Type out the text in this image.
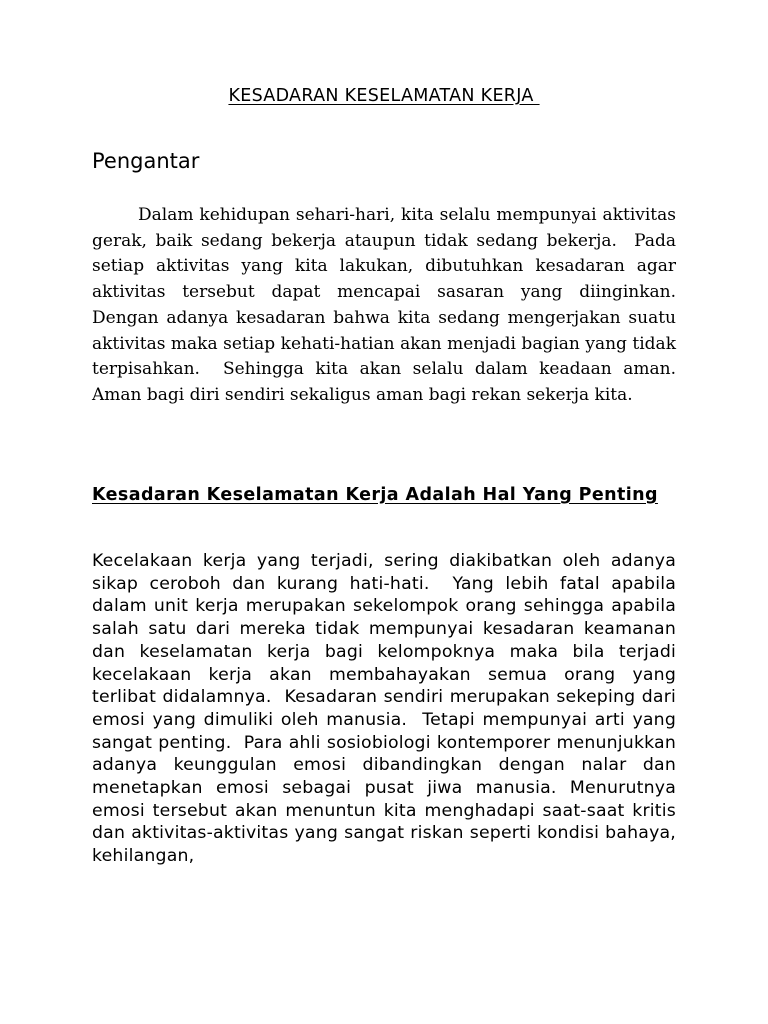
KESADARAN KESELAMATAN KERJA
Pengantar

Dalam kehidupan sehari-hari, kita selalu mempunyai aktivitas gerak, baik sedang bekerja ataupun tidak sedang bekerja.  Pada setiap aktivitas yang kita lakukan, dibutuhkan kesadaran agar aktivitas tersebut dapat mencapai sasaran yang diinginkan.  Dengan adanya kesadaran bahwa kita sedang mengerjakan suatu aktivitas maka setiap kehati-hatian akan menjadi bagian yang tidak terpisahkan.  Sehingga kita akan selalu dalam keadaan aman.  Aman bagi diri sendiri sekaligus aman bagi rekan sekerja kita.

Kesadaran Keselamatan Kerja Adalah Hal Yang Penting

Kecelakaan kerja yang terjadi, sering diakibatkan oleh adanya sikap ceroboh dan kurang hati-hati.  Yang lebih fatal apabila dalam unit kerja merupakan sekelompok orang sehingga apabila salah satu dari mereka tidak mempunyai kesadaran keamanan dan keselamatan kerja bagi kelompoknya maka bila terjadi kecelakaan kerja akan membahayakan semua orang yang terlibat didalamnya.  Kesadaran sendiri merupakan sekeping dari emosi yang dimuliki oleh manusia.  Tetapi mempunyai arti yang sangat penting.  Para ahli sosiobiologi kontemporer menunjukkan adanya keunggulan emosi dibandingkan dengan nalar dan menetapkan emosi sebagai pusat jiwa manusia. Menurutnya emosi tersebut akan menuntun kita menghadapi saat-saat kritis dan aktivitas-aktivitas yang sangat riskan seperti kondisi bahaya, kehilangan,
